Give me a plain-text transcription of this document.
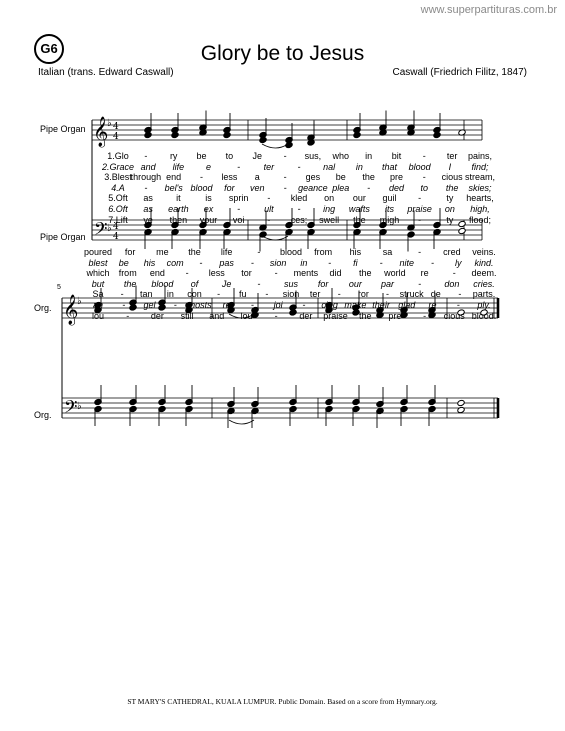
www.superpartituras.com.br
G6	Glory be to Jesus
Italian (trans. Edward Caswall)	Caswall (Friedrich Filitz, 1847)
Pipe Organ
Pipe Organ
Org.
Org.
5
𝄞
𝄢
♭
♭
4
4
4
4
𝄞
𝄢
♭
♭
1.Glo -	ry be to Je - sus, who in bit - ter pains,
2.Grace and life e	-	ter	-	nal in that blood I find;
3.Blest
through end - less a	- ges be the pre - cious stream,
4.A - bel's blood for ven - geance plea - ded to the skies;
5.Oft as	it	is sprin - kled on our guil -	ty hearts,
6.Oft as earth ex	-	ult	-	ing wafts its praise on high,
7.Lift ye then your voi	- ces; swell the migh -	ty flood;
poured for me the life	- blood from his sa	- cred veins.
blest be his com - pas - sion in - fi - nite - ly kind.
which from end - less tor	- ments did the world re	- deem.
but the blood of	Je	-	sus for our par	-	don cries.
Sa - tan in con - fu - sion ter - ror - struck de - parts.
an - gel - hosts re - joi - cing make their glad re - ply.
lou - der still and lou - der praise the pre - cious blood.
ST MARY'S CATHEDRAL, KUALA LUMPUR. Public Domain. Based on a score from Hymnary.org.
